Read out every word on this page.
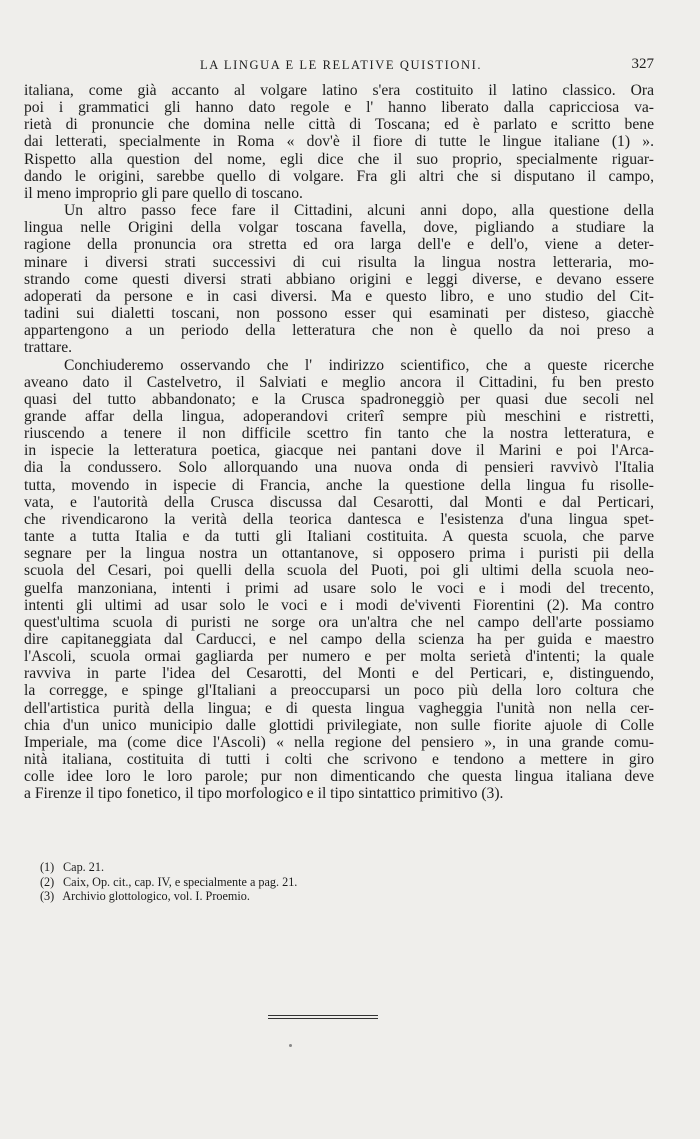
LA LINGUA E LE RELATIVE QUISTIONI.	327
italiana, come già accanto al volgare latino s'era costituito il latino classico. Ora
poi i grammatici gli hanno dato regole e l' hanno liberato dalla capricciosa va-
rietà di pronuncie che domina nelle città di Toscana; ed è parlato e scritto bene
dai letterati, specialmente in Roma « dov'è il fiore di tutte le lingue italiane (1) ».
Rispetto alla question del nome, egli dice che il suo proprio, specialmente riguar-
dando le origini, sarebbe quello di volgare. Fra gli altri che si disputano il campo,
il meno improprio gli pare quello di toscano.
Un altro passo fece fare il Cittadini, alcuni anni dopo, alla questione della
lingua nelle Origini della volgar toscana favella, dove, pigliando a studiare la
ragione della pronuncia ora stretta ed ora larga dell'e e dell'o, viene a deter-
minare i diversi strati successivi di cui risulta la lingua nostra letteraria, mo-
strando come questi diversi strati abbiano origini e leggi diverse, e devano essere
adoperati da persone e in casi diversi. Ma e questo libro, e uno studio del Cit-
tadini sui dialetti toscani, non possono esser qui esaminati per disteso, giacchè
appartengono a un periodo della letteratura che non è quello da noi preso a
trattare.
Conchiuderemo osservando che l' indirizzo scientifico, che a queste ricerche
aveano dato il Castelvetro, il Salviati e meglio ancora il Cittadini, fu ben presto
quasi del tutto abbandonato; e la Crusca spadroneggiò per quasi due secoli nel
grande affar della lingua, adoperandovi criterî sempre più meschini e ristretti,
riuscendo a tenere il non difficile scettro fin tanto che la nostra letteratura, e
in ispecie la letteratura poetica, giacque nei pantani dove il Marini e poi l'Arca-
dia la condussero. Solo allorquando una nuova onda di pensieri ravvivò l'Italia
tutta, movendo in ispecie di Francia, anche la questione della lingua fu risolle-
vata, e l'autorità della Crusca discussa dal Cesarotti, dal Monti e dal Perticari,
che rivendicarono la verità della teorica dantesca e l'esistenza d'una lingua spet-
tante a tutta Italia e da tutti gli Italiani costituita. A questa scuola, che parve
segnare per la lingua nostra un ottantanove, si opposero prima i puristi pii della
scuola del Cesari, poi quelli della scuola del Puoti, poi gli ultimi della scuola neo-
guelfa manzoniana, intenti i primi ad usare solo le voci e i modi del trecento,
intenti gli ultimi ad usar solo le voci e i modi de'viventi Fiorentini (2). Ma contro
quest'ultima scuola di puristi ne sorge ora un'altra che nel campo dell'arte possiamo
dire capitaneggiata dal Carducci, e nel campo della scienza ha per guida e maestro
l'Ascoli, scuola ormai gagliarda per numero e per molta serietà d'intenti; la quale
ravviva in parte l'idea del Cesarotti, del Monti e del Perticari, e, distinguendo,
la corregge, e spinge gl'Italiani a preoccuparsi un poco più della loro coltura che
dell'artistica purità della lingua; e di questa lingua vagheggia l'unità non nella cer-
chia d'un unico municipio dalle glottidi privilegiate, non sulle fiorite ajuole di Colle
Imperiale, ma (come dice l'Ascoli) « nella regione del pensiero », in una grande comu-
nità italiana, costituita di tutti i colti che scrivono e tendono a mettere in giro
colle idee loro le loro parole; pur non dimenticando che questa lingua italiana deve
a Firenze il tipo fonetico, il tipo morfologico e il tipo sintattico primitivo (3).
(1) Cap. 21.
(2) Caix, Op. cit., cap. IV, e specialmente a pag. 21.
(3) Archivio glottologico, vol. I. Proemio.
